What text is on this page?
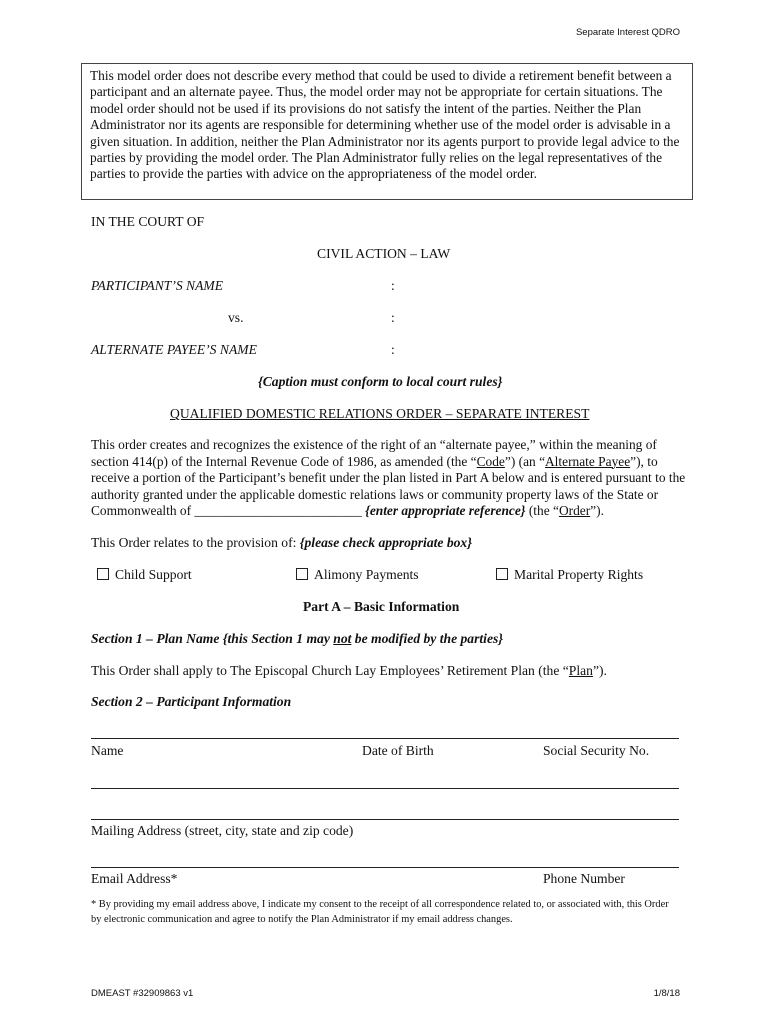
Separate Interest QDRO
This model order does not describe every method that could be used to divide a retirement benefit between a participant and an alternate payee. Thus, the model order may not be appropriate for certain situations. The model order should not be used if its provisions do not satisfy the intent of the parties. Neither the Plan Administrator nor its agents are responsible for determining whether use of the model order is advisable in a given situation. In addition, neither the Plan Administrator nor its agents purport to provide legal advice to the parties by providing the model order. The Plan Administrator fully relies on the legal representatives of the parties to provide the parties with advice on the appropriateness of the model order.
IN THE COURT OF
CIVIL ACTION – LAW
PARTICIPANT’S NAME	:
vs.	:
ALTERNATE PAYEE’S NAME	:
{Caption must conform to local court rules}
QUALIFIED DOMESTIC RELATIONS ORDER – SEPARATE INTEREST
This order creates and recognizes the existence of the right of an “alternate payee,” within the meaning of section 414(p) of the Internal Revenue Code of 1986, as amended (the “Code”) (an “Alternate Payee”), to receive a portion of the Participant’s benefit under the plan listed in Part A below and is entered pursuant to the authority granted under the applicable domestic relations laws or community property laws of the State or Commonwealth of _________________________ {enter appropriate reference} (the “Order”).
This Order relates to the provision of: {please check appropriate box}
Child Support	Alimony Payments	Marital Property Rights
Part A – Basic Information
Section 1 – Plan Name {this Section 1 may not be modified by the parties}
This Order shall apply to The Episcopal Church Lay Employees’ Retirement Plan (the “Plan”).
Section 2 – Participant Information
Name	Date of Birth	Social Security No.
Mailing Address (street, city, state and zip code)
Email Address*	Phone Number
* By providing my email address above, I indicate my consent to the receipt of all correspondence related to, or associated with, this Order by electronic communication and agree to notify the Plan Administrator if my email address changes.
DMEAST #32909863 v1	1/8/18
